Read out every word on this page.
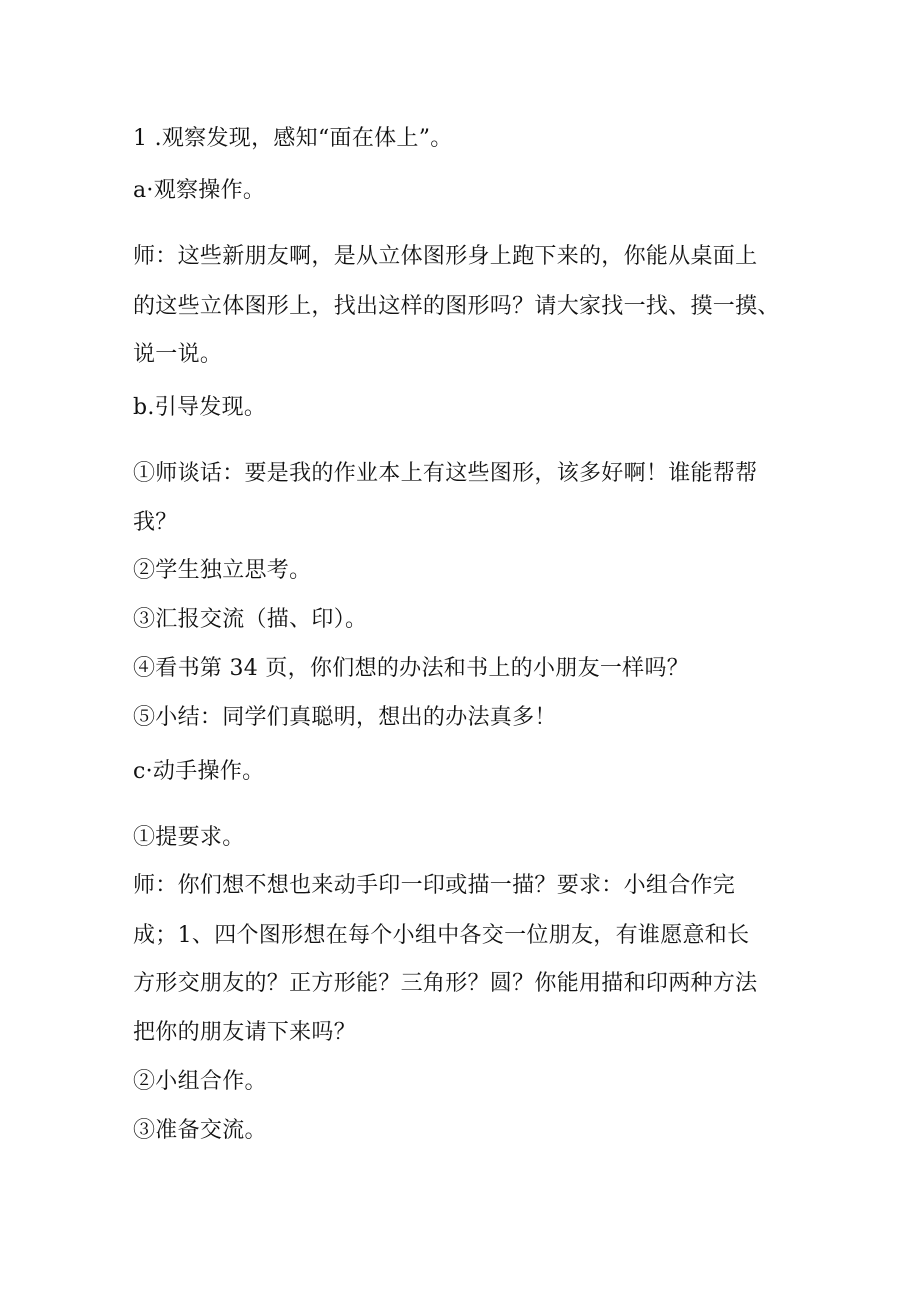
1 .观察发现，感知“面在体上”。
a·观察操作。
师：这些新朋友啊，是从立体图形身上跑下来的，你能从桌面上
的这些立体图形上，找出这样的图形吗？请大家找一找、摸一摸、
说一说。
b.引导发现。
①师谈话：要是我的作业本上有这些图形，该多好啊！谁能帮帮
我？
②学生独立思考。
③汇报交流（描、印）。
④看书第 34 页，你们想的办法和书上的小朋友一样吗？
⑤小结：同学们真聪明，想出的办法真多！
c·动手操作。
①提要求。
师：你们想不想也来动手印一印或描一描？要求：小组合作完
成；1、四个图形想在每个小组中各交一位朋友，有谁愿意和长
方形交朋友的？正方形能？三角形？圆？你能用描和印两种方法
把你的朋友请下来吗？
②小组合作。
③准备交流。
